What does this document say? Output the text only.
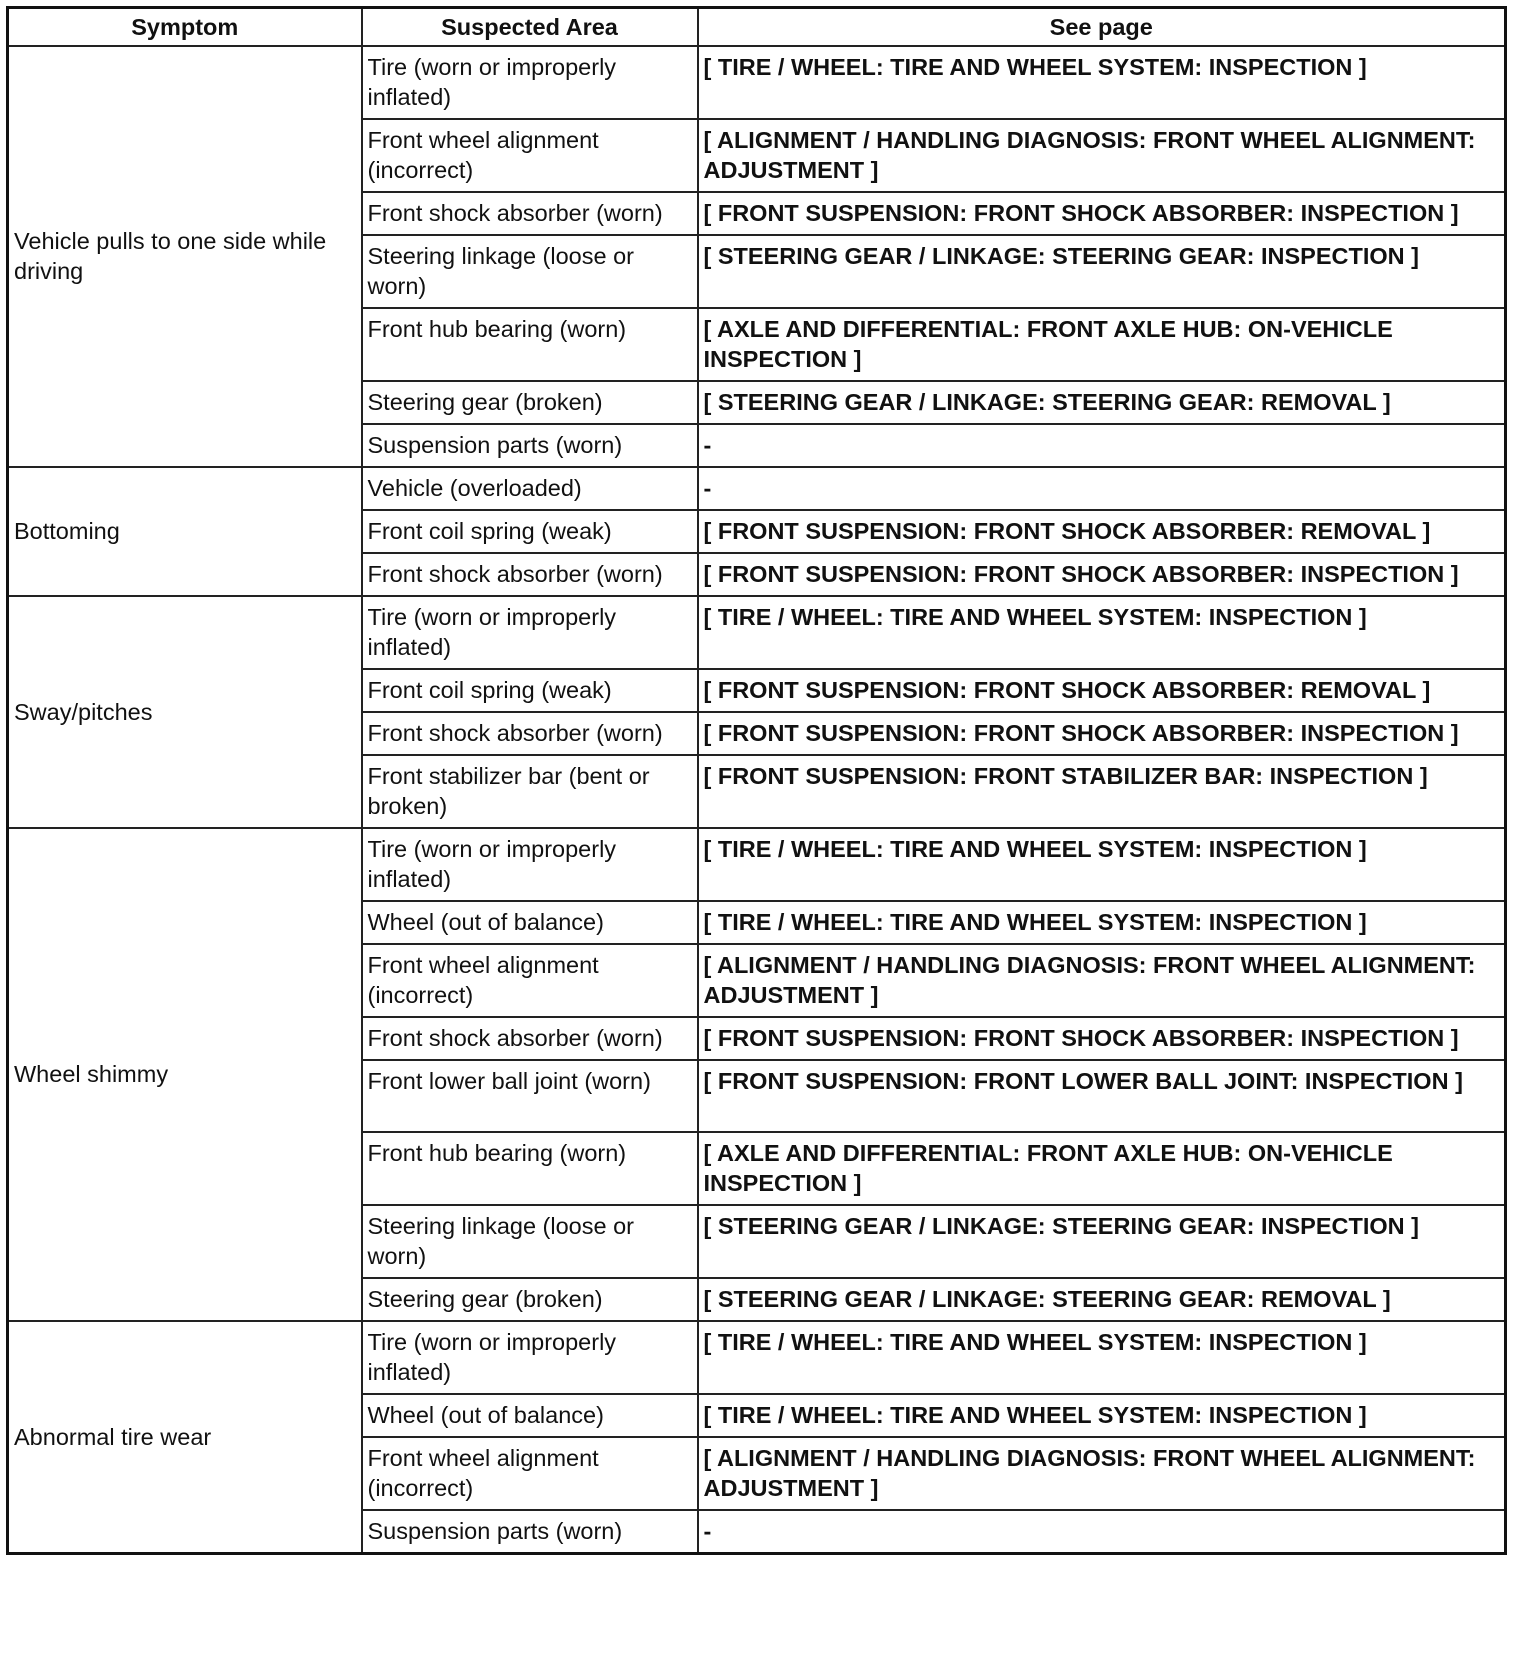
Symptom	Suspected Area	See page
Vehicle pulls to one side while driving	Tire (worn or improperly inflated)	[ TIRE / WHEEL: TIRE AND WHEEL SYSTEM: INSPECTION ]
	Front wheel alignment (incorrect)	[ ALIGNMENT / HANDLING DIAGNOSIS: FRONT WHEEL ALIGNMENT: ADJUSTMENT ]
	Front shock absorber (worn)	[ FRONT SUSPENSION: FRONT SHOCK ABSORBER: INSPECTION ]
	Steering linkage (loose or worn)	[ STEERING GEAR / LINKAGE: STEERING GEAR: INSPECTION ]
	Front hub bearing (worn)	[ AXLE AND DIFFERENTIAL: FRONT AXLE HUB: ON-VEHICLE INSPECTION ]
	Steering gear (broken)	[ STEERING GEAR / LINKAGE: STEERING GEAR: REMOVAL ]
	Suspension parts (worn)	-
Bottoming	Vehicle (overloaded)	-
	Front coil spring (weak)	[ FRONT SUSPENSION: FRONT SHOCK ABSORBER: REMOVAL ]
	Front shock absorber (worn)	[ FRONT SUSPENSION: FRONT SHOCK ABSORBER: INSPECTION ]
Sway/pitches	Tire (worn or improperly inflated)	[ TIRE / WHEEL: TIRE AND WHEEL SYSTEM: INSPECTION ]
	Front coil spring (weak)	[ FRONT SUSPENSION: FRONT SHOCK ABSORBER: REMOVAL ]
	Front shock absorber (worn)	[ FRONT SUSPENSION: FRONT SHOCK ABSORBER: INSPECTION ]
	Front stabilizer bar (bent or broken)	[ FRONT SUSPENSION: FRONT STABILIZER BAR: INSPECTION ]
Wheel shimmy	Tire (worn or improperly inflated)	[ TIRE / WHEEL: TIRE AND WHEEL SYSTEM: INSPECTION ]
	Wheel (out of balance)	[ TIRE / WHEEL: TIRE AND WHEEL SYSTEM: INSPECTION ]
	Front wheel alignment (incorrect)	[ ALIGNMENT / HANDLING DIAGNOSIS: FRONT WHEEL ALIGNMENT: ADJUSTMENT ]
	Front shock absorber (worn)	[ FRONT SUSPENSION: FRONT SHOCK ABSORBER: INSPECTION ]
	Front lower ball joint (worn)	[ FRONT SUSPENSION: FRONT LOWER BALL JOINT: INSPECTION ]
	Front hub bearing (worn)	[ AXLE AND DIFFERENTIAL: FRONT AXLE HUB: ON-VEHICLE INSPECTION ]
	Steering linkage (loose or worn)	[ STEERING GEAR / LINKAGE: STEERING GEAR: INSPECTION ]
	Steering gear (broken)	[ STEERING GEAR / LINKAGE: STEERING GEAR: REMOVAL ]
Abnormal tire wear	Tire (worn or improperly inflated)	[ TIRE / WHEEL: TIRE AND WHEEL SYSTEM: INSPECTION ]
	Wheel (out of balance)	[ TIRE / WHEEL: TIRE AND WHEEL SYSTEM: INSPECTION ]
	Front wheel alignment (incorrect)	[ ALIGNMENT / HANDLING DIAGNOSIS: FRONT WHEEL ALIGNMENT: ADJUSTMENT ]
	Suspension parts (worn)	-
